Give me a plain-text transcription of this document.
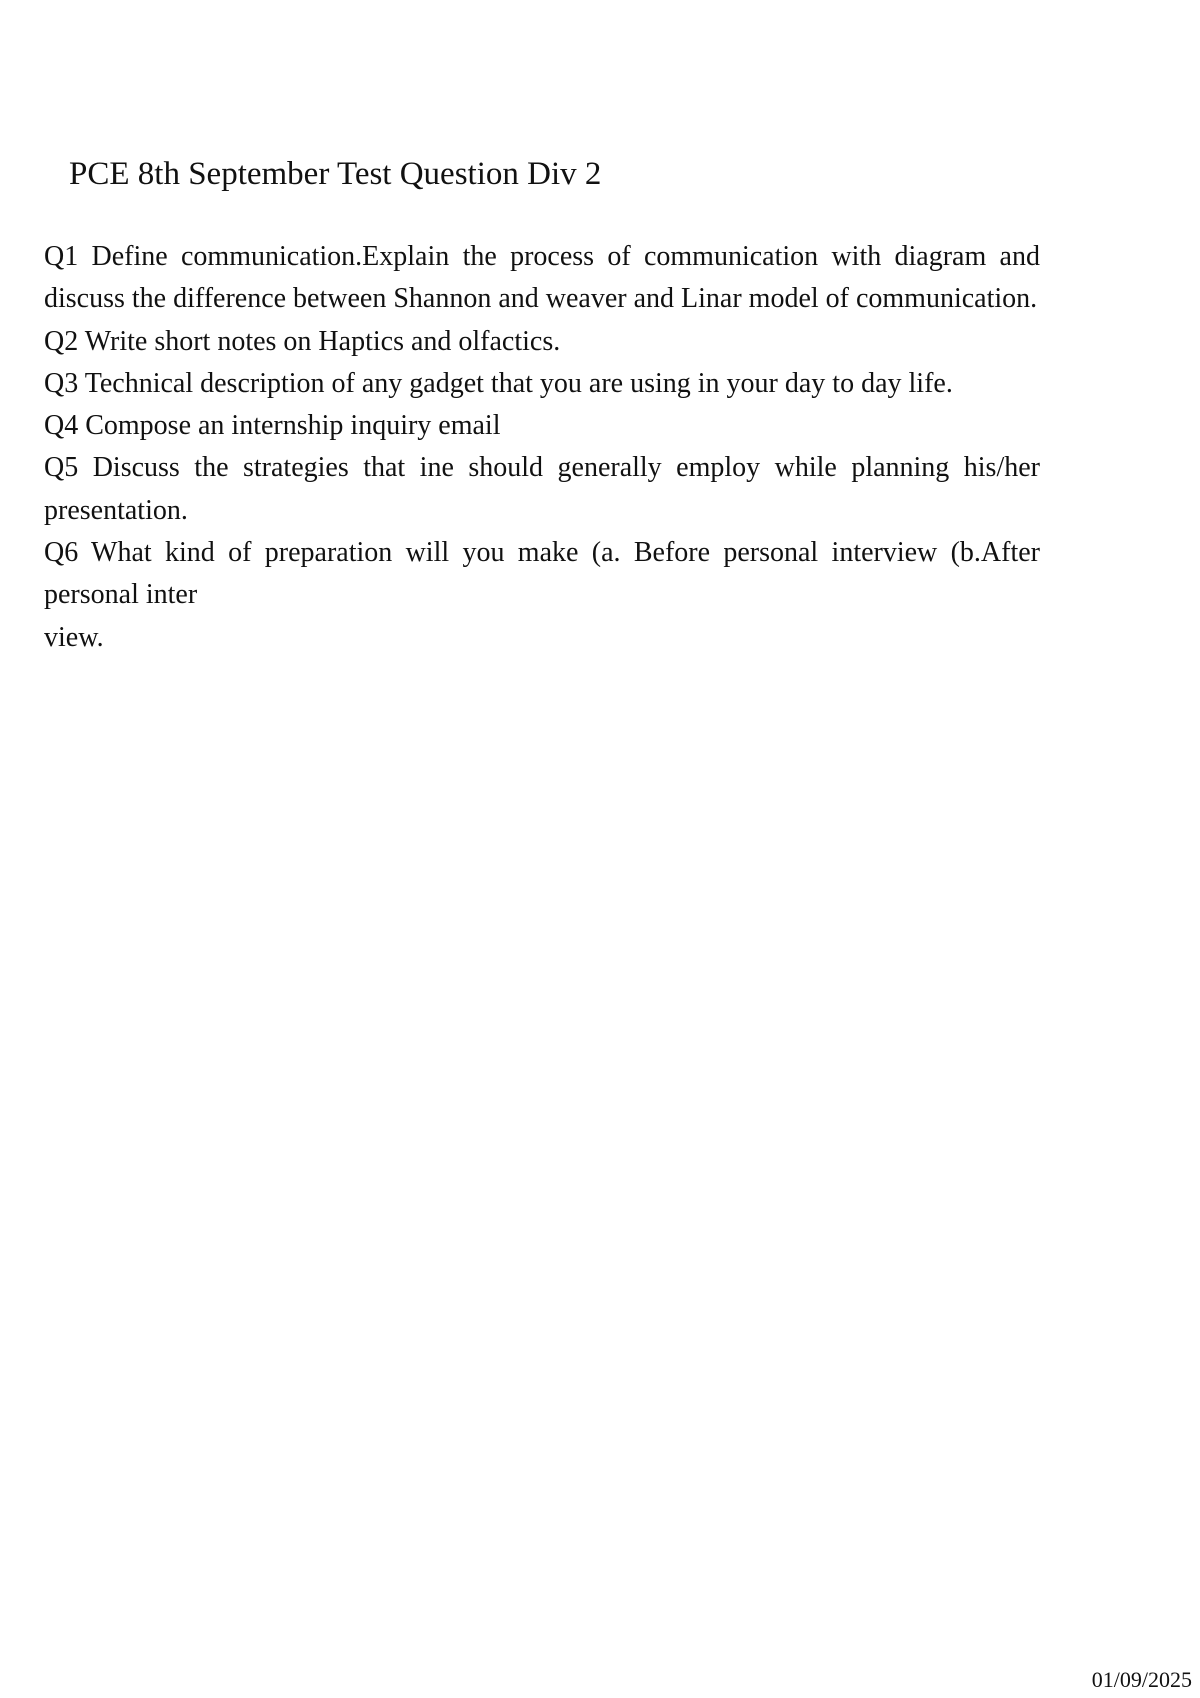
PCE 8th September Test Question Div 2

Q1 Define communication.Explain the process of communication with diagram and discuss the difference between Shannon and weaver and Linar model of communication.

Q2 Write short notes on Haptics and olfactics.

Q3 Technical description of any gadget that you are using in your day to day life.

Q4 Compose an internship inquiry email

Q5 Discuss the strategies that ine should generally employ while planning his/her presentation.

Q6 What kind of preparation will you make (a. Before personal interview (b.After personal inter

view.

01/09/2025
